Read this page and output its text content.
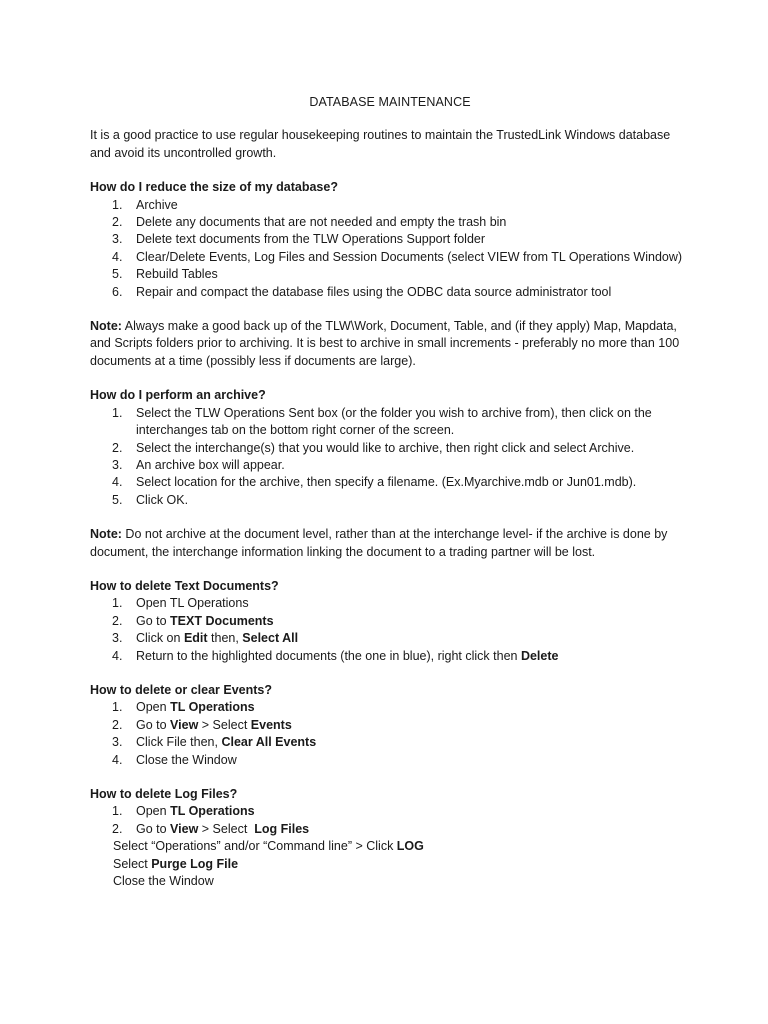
DATABASE MAINTENANCE

It is a good practice to use regular housekeeping routines to maintain the TrustedLink Windows database and avoid its uncontrolled growth.

How do I reduce the size of my database?
1.	Archive
2.	Delete any documents that are not needed and empty the trash bin
3.	Delete text documents from the TLW Operations Support folder
4.	Clear/Delete Events, Log Files and Session Documents (select VIEW from TL Operations Window)
5.	Rebuild Tables
6.	Repair and compact the database files using the ODBC data source administrator tool

Note: Always make a good back up of the TLW\Work, Document, Table, and (if they apply) Map, Mapdata, and Scripts folders prior to archiving. It is best to archive in small increments - preferably no more than 100 documents at a time (possibly less if documents are large).

How do I perform an archive?
1.	Select the TLW Operations Sent box (or the folder you wish to archive from), then click on the interchanges tab on the bottom right corner of the screen.
2.	Select the interchange(s) that you would like to archive, then right click and select Archive.
3.	An archive box will appear.
4.	Select location for the archive, then specify a filename. (Ex.Myarchive.mdb or Jun01.mdb).
5.	Click OK.

Note: Do not archive at the document level, rather than at the interchange level- if the archive is done by document, the interchange information linking the document to a trading partner will be lost.

How to delete Text Documents?
1.	Open TL Operations
2.	Go to TEXT Documents
3.	Click on Edit then, Select All
4.	Return to the highlighted documents (the one in blue), right click then Delete
How to delete or clear Events?
1.	Open TL Operations
2.	Go to View > Select Events
3.	Click File then, Clear All Events
4.	Close the Window
How to delete Log Files?
1.	Open TL Operations
2.	Go to View > Select  Log Files
Select “Operations” and/or “Command line” > Click LOG
Select Purge Log File
Close the Window
